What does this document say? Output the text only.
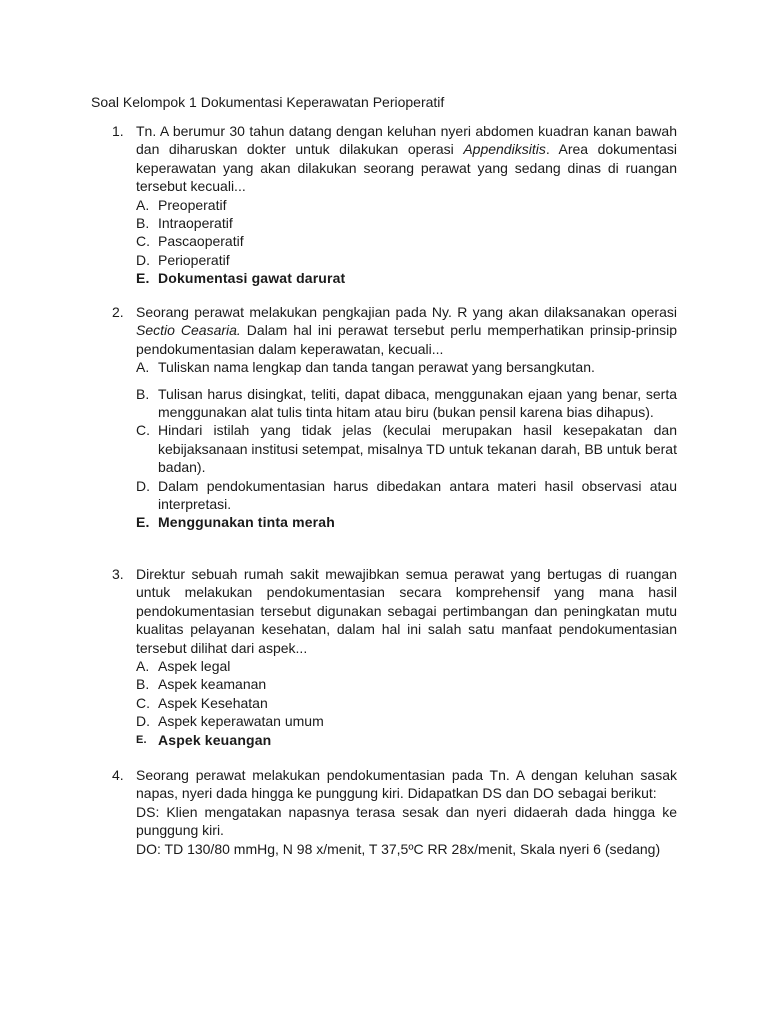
Soal Kelompok 1 Dokumentasi Keperawatan Perioperatif
1. Tn. A berumur 30 tahun datang dengan keluhan nyeri abdomen kuadran kanan bawah dan diharuskan dokter untuk dilakukan operasi Appendiksitis. Area dokumentasi keperawatan yang akan dilakukan seorang perawat yang sedang dinas di ruangan tersebut kecuali...

A. Preoperatif
B. Intraoperatif
C. Pascaoperatif
D. Perioperatif
E. Dokumentasi gawat darurat
2. Seorang perawat melakukan pengkajian pada Ny. R yang akan dilaksanakan operasi Sectio Ceasaria. Dalam hal ini perawat tersebut perlu memperhatikan prinsip-prinsip pendokumentasian dalam keperawatan, kecuali...

A. Tuliskan nama lengkap dan tanda tangan perawat yang bersangkutan.
B. Tulisan harus disingkat, teliti, dapat dibaca, menggunakan ejaan yang benar, serta menggunakan alat tulis tinta hitam atau biru (bukan pensil karena bias dihapus).
C. Hindari istilah yang tidak jelas (keculai merupakan hasil kesepakatan dan kebijaksanaan institusi setempat, misalnya TD untuk tekanan darah, BB untuk berat badan).
D. Dalam pendokumentasian harus dibedakan antara materi hasil observasi atau interpretasi.
E. Menggunakan tinta merah
3. Direktur sebuah rumah sakit mewajibkan semua perawat yang bertugas di ruangan untuk melakukan pendokumentasian secara komprehensif yang mana hasil pendokumentasian tersebut digunakan sebagai pertimbangan dan peningkatan mutu kualitas pelayanan kesehatan, dalam hal ini salah satu manfaat pendokumentasian tersebut dilihat dari aspek...

A. Aspek legal
B. Aspek keamanan
C. Aspek Kesehatan
D. Aspek keperawatan umum
E. Aspek keuangan
4. Seorang perawat melakukan pendokumentasian pada Tn. A dengan keluhan sasak napas, nyeri dada hingga ke punggung kiri. Didapatkan DS dan DO sebagai berikut:

DS: Klien mengatakan napasnya terasa sesak dan nyeri didaerah dada hingga ke punggung kiri.

DO: TD 130/80 mmHg, N 98 x/menit, T 37,5ºC RR 28x/menit, Skala nyeri 6 (sedang)
